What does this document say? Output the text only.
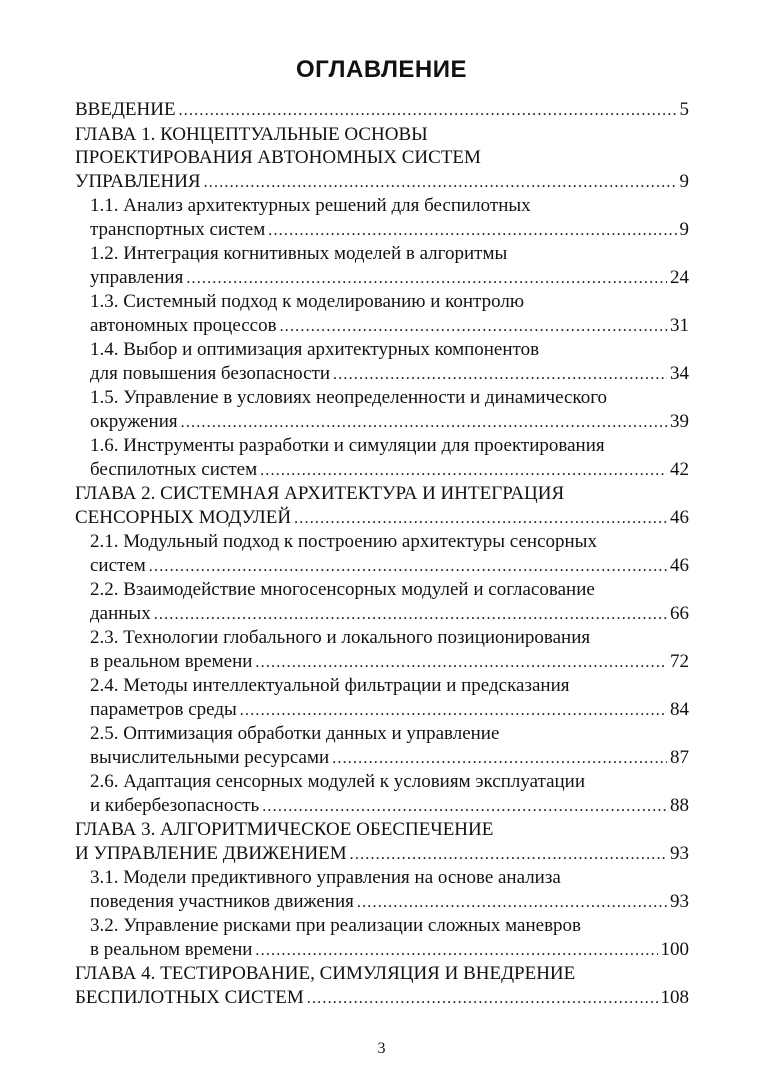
ОГЛАВЛЕНИЕ
ВВЕДЕНИЕ .....	5
ГЛАВА 1. КОНЦЕПТУАЛЬНЫЕ ОСНОВЫ
ПРОЕКТИРОВАНИЯ АВТОНОМНЫХ СИСТЕМ
УПРАВЛЕНИЯ .....	9
1.1. Анализ архитектурных решений для беспилотных
транспортных систем .....	9
1.2. Интеграция когнитивных моделей в алгоритмы
управления .....	24
1.3. Системный подход к моделированию и контролю
автономных процессов .....	31
1.4. Выбор и оптимизация архитектурных компонентов
для повышения безопасности .....	34
1.5. Управление в условиях неопределенности и динамического
окружения .....	39
1.6. Инструменты разработки и симуляции для проектирования
беспилотных систем .....	42
ГЛАВА 2. СИСТЕМНАЯ АРХИТЕКТУРА И ИНТЕГРАЦИЯ
СЕНСОРНЫХ МОДУЛЕЙ .....	46
2.1. Модульный подход к построению архитектуры сенсорных
систем .....	46
2.2. Взаимодействие многосенсорных модулей и согласование
данных .....	66
2.3. Технологии глобального и локального позиционирования
в реальном времени .....	72
2.4. Методы интеллектуальной фильтрации и предсказания
параметров среды .....	84
2.5. Оптимизация обработки данных и управление
вычислительными ресурсами .....	87
2.6. Адаптация сенсорных модулей к условиям эксплуатации
и кибербезопасность .....	88
ГЛАВА 3. АЛГОРИТМИЧЕСКОЕ ОБЕСПЕЧЕНИЕ
И УПРАВЛЕНИЕ ДВИЖЕНИЕМ .....	93
3.1. Модели предиктивного управления на основе анализа
поведения участников движения .....	93
3.2. Управление рисками при реализации сложных маневров
в реальном времени .....	100
ГЛАВА 4. ТЕСТИРОВАНИЕ, СИМУЛЯЦИЯ И ВНЕДРЕНИЕ
БЕСПИЛОТНЫХ СИСТЕМ .....	108
3
